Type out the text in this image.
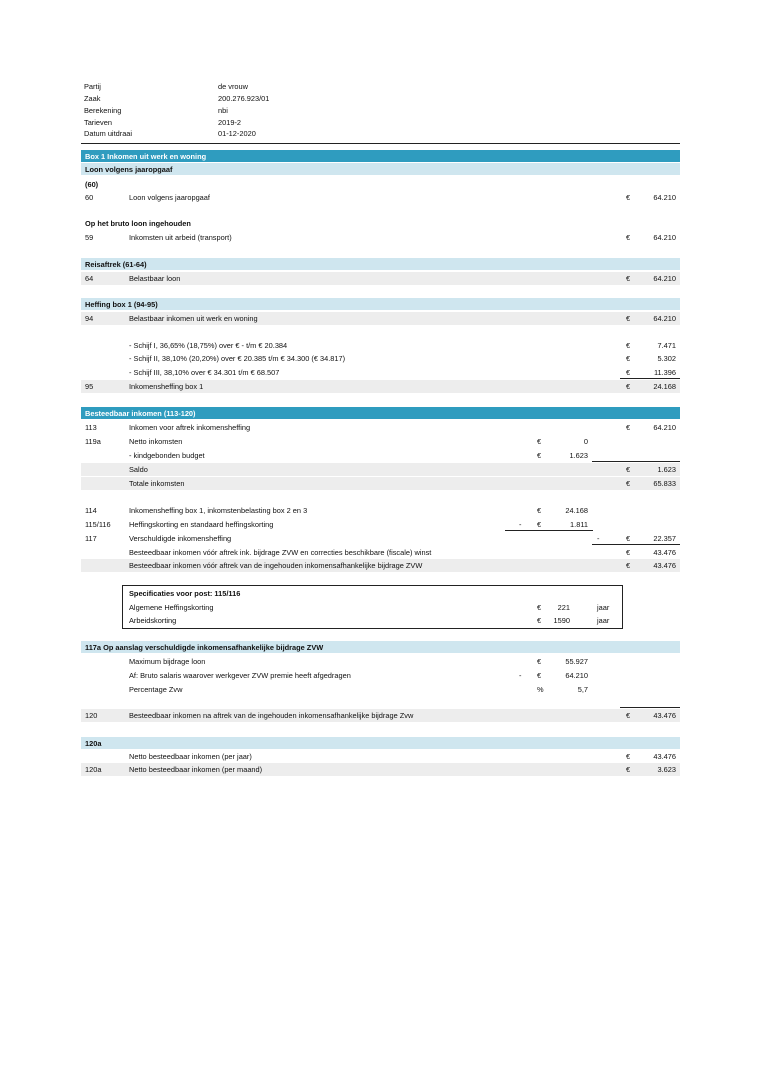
Partij	de vrouw
Zaak	200.276.923/01
Berekening	nbi
Tarieven	2019-2
Datum uitdraai	01-12-2020
Box 1 Inkomen uit werk en woning
Loon volgens jaaropgaaf
(60)
60	Loon volgens jaaropgaaf	€	64.210
Op het bruto loon ingehouden
59	Inkomsten uit arbeid (transport)	€	64.210
Reisaftrek (61-64)
64	Belastbaar loon	€	64.210
Heffing box 1 (94-95)
94	Belastbaar inkomen uit werk en woning	€	64.210
- Schijf I, 36,65% (18,75%) over € - t/m € 20.384	€	7.471
- Schijf II, 38,10% (20,20%) over € 20.385 t/m € 34.300 (€ 34.817)	€	5.302
- Schijf III, 38,10% over € 34.301 t/m € 68.507	€	11.396
95	Inkomensheffing box 1	€	24.168
Besteedbaar inkomen (113-120)
113	Inkomen voor aftrek inkomensheffing	€	64.210
119a	Netto inkomsten	€	0
- kindgebonden budget	€	1.623
Saldo	€	1.623
Totale inkomsten	€	65.833
114	Inkomensheffing box 1, inkomstenbelasting box 2 en 3	€	24.168
115/116 Heffingskorting en standaard heffingskorting	- €	1.811
117	Verschuldigde inkomensheffing	-	€	22.357
Besteedbaar inkomen vóór aftrek ink. bijdrage ZVW en correcties beschikbare (fiscale) winst	€	43.476
Besteedbaar inkomen vóór aftrek van de ingehouden inkomensafhankelijke bijdrage ZVW	€	43.476
Specificaties voor post: 115/116
Algemene Heffingskorting	€	221	jaar
Arbeidskorting	€	1590	jaar
117a Op aanslag verschuldigde inkomensafhankelijke bijdrage ZVW
Maximum bijdrage loon	€	55.927
Af: Bruto salaris waarover werkgever ZVW premie heeft afgedragen	- €	64.210
Percentage Zvw	%	5,7
120	Besteedbaar inkomen na aftrek van de ingehouden inkomensafhankelijke bijdrage Zvw	€	43.476
120a
Netto besteedbaar inkomen (per jaar)	€	43.476
120a	Netto besteedbaar inkomen (per maand)	€	3.623
